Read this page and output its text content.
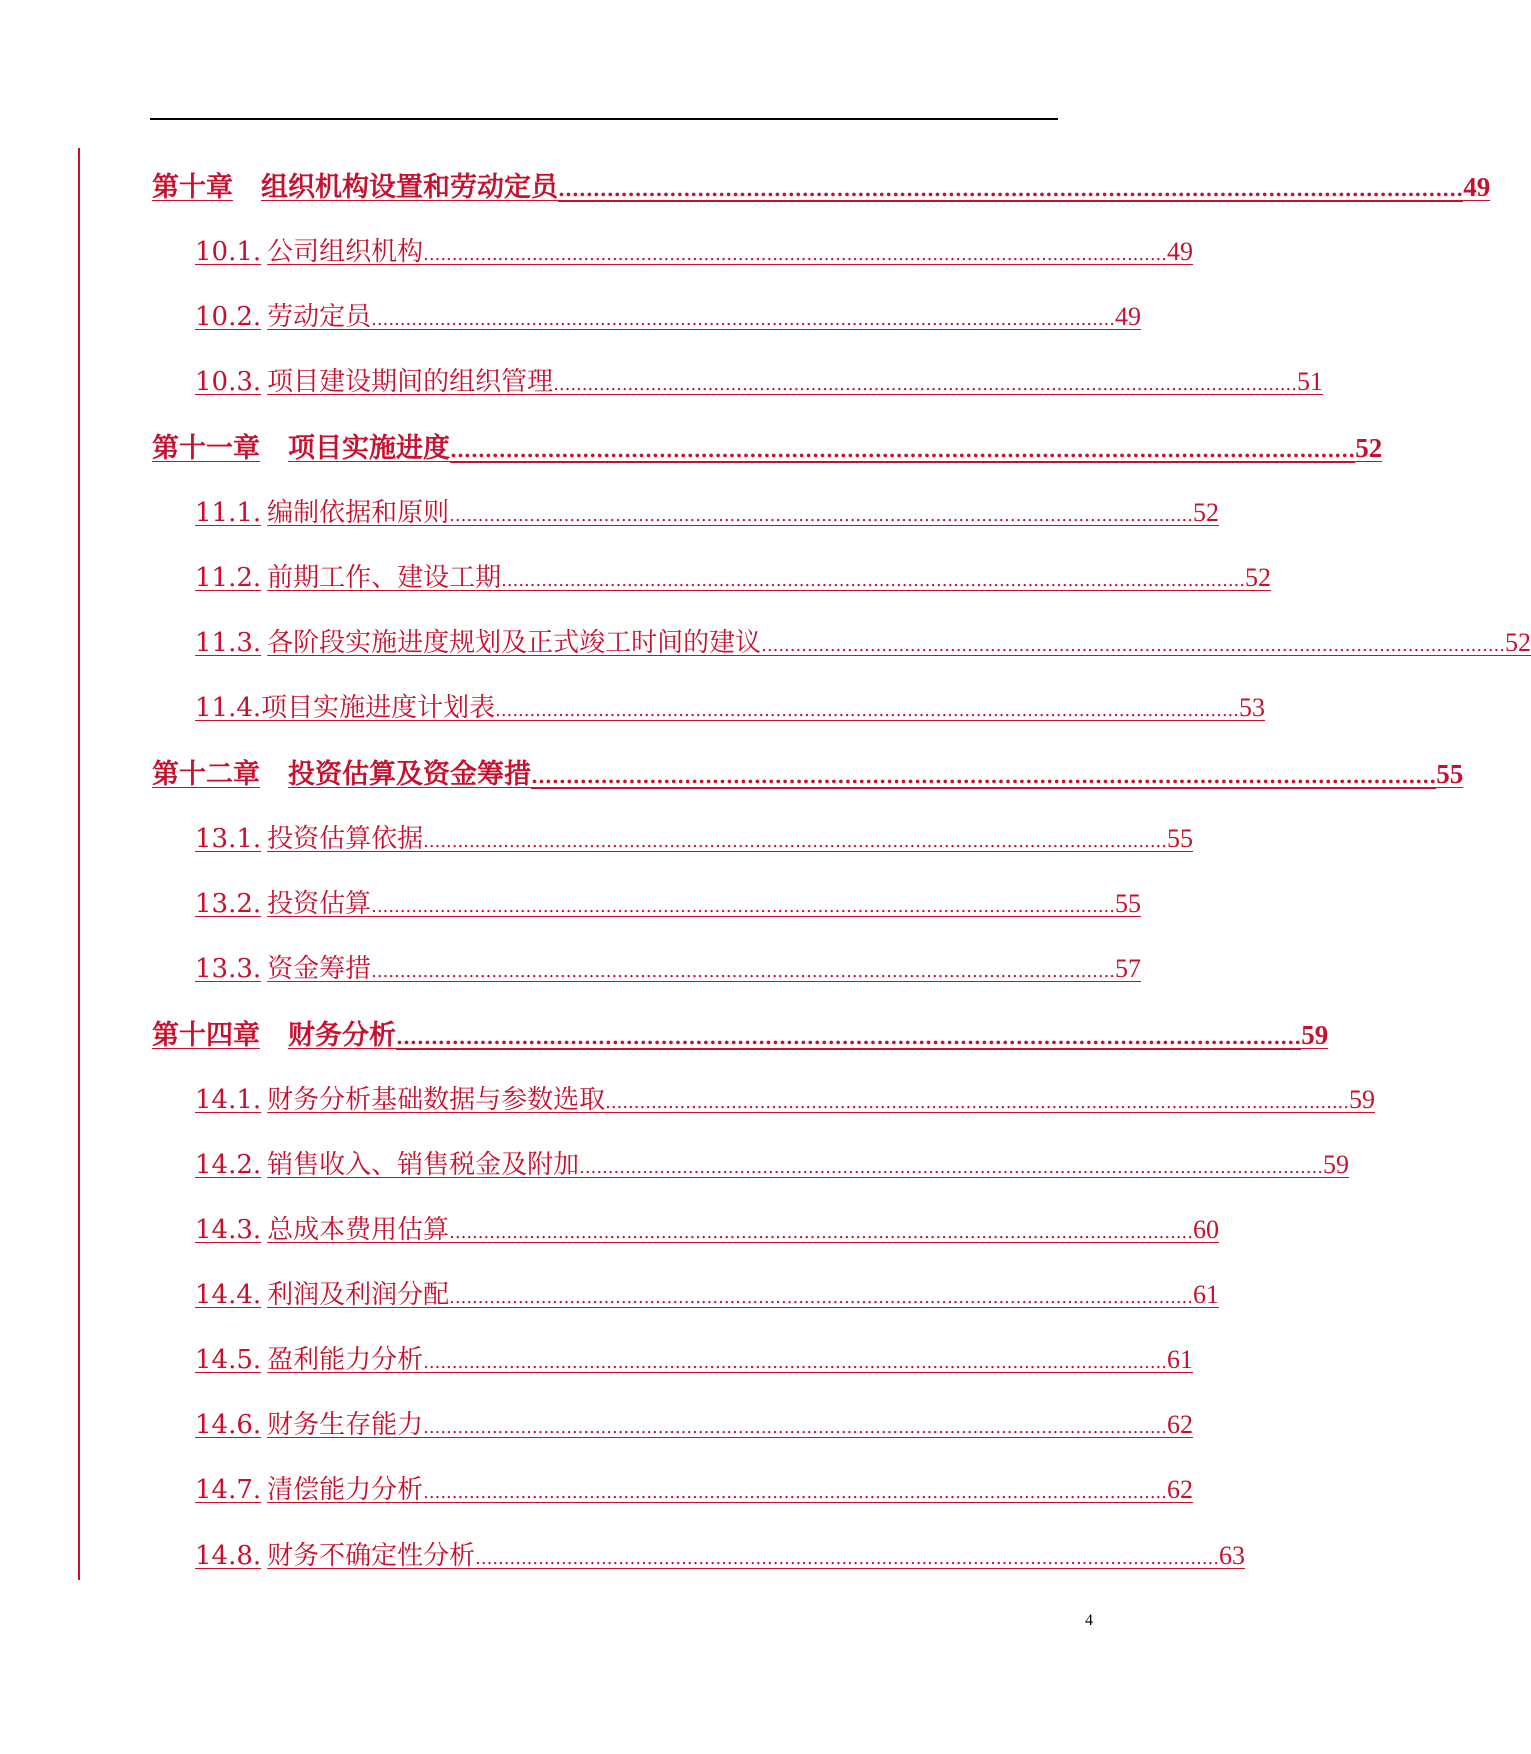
第十章 组织机构设置和劳动定员 .................................................................................................................................. 49
10.1. 公司组织机构 .................................................................................................................................. 49
10.2. 劳动定员 .................................................................................................................................. 49
10.3. 项目建设期间的组织管理 .................................................................................................................................. 51
第十一章 项目实施进度 .................................................................................................................................. 52
11.1. 编制依据和原则 .................................................................................................................................. 52
11.2. 前期工作、建设工期 .................................................................................................................................. 52
11.3. 各阶段实施进度规划及正式竣工时间的建议 .................................................................................................................................. 52
11.4. 项目实施进度计划表 .................................................................................................................................. 53
第十二章 投资估算及资金筹措 .................................................................................................................................. 55
13.1. 投资估算依据 .................................................................................................................................. 55
13.2. 投资估算 .................................................................................................................................. 55
13.3. 资金筹措 .................................................................................................................................. 57
第十四章 财务分析 .................................................................................................................................. 59
14.1. 财务分析基础数据与参数选取 .................................................................................................................................. 59
14.2. 销售收入、销售税金及附加 .................................................................................................................................. 59
14.3. 总成本费用估算 .................................................................................................................................. 60
14.4. 利润及利润分配 .................................................................................................................................. 61
14.5. 盈利能力分析 .................................................................................................................................. 61
14.6. 财务生存能力 .................................................................................................................................. 62
14.7. 清偿能力分析 .................................................................................................................................. 62
14.8. 财务不确定性分析 .................................................................................................................................. 63
4
